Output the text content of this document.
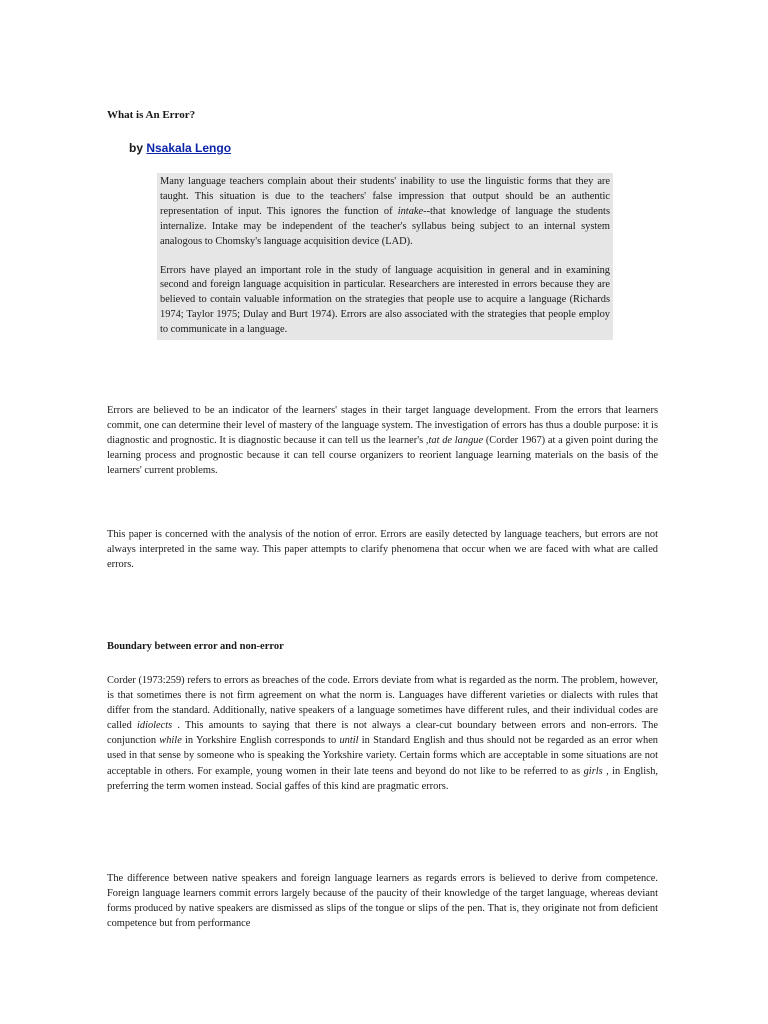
What is An Error?
by Nsakala Lengo

Many language teachers complain about their students' inability to use the linguistic forms that they are taught. This situation is due to the teachers' false impression that output should be an authentic representation of input. This ignores the function of intake--that knowledge of language the students internalize. Intake may be independent of the teacher's syllabus being subject to an internal system analogous to Chomsky's language acquisition device (LAD).

Errors have played an important role in the study of language acquisition in general and in examining second and foreign language acquisition in particular. Researchers are interested in errors because they are believed to contain valuable information on the strategies that people use to acquire a language (Richards 1974; Taylor 1975; Dulay and Burt 1974). Errors are also associated with the strategies that people employ to communicate in a language.

Errors are believed to be an indicator of the learners' stages in their target language development. From the errors that learners commit, one can determine their level of mastery of the language system. The investigation of errors has thus a double purpose: it is diagnostic and prognostic. It is diagnostic because it can tell us the learner's ,tat de langue (Corder 1967) at a given point during the learning process and prognostic because it can tell course organizers to reorient language learning materials on the basis of the learners' current problems.

This paper is concerned with the analysis of the notion of error. Errors are easily detected by language teachers, but errors are not always interpreted in the same way. This paper attempts to clarify phenomena that occur when we are faced with what are called errors.

Boundary between error and non-error

Corder (1973:259) refers to errors as breaches of the code. Errors deviate from what is regarded as the norm. The problem, however, is that sometimes there is not firm agreement on what the norm is. Languages have different varieties or dialects with rules that differ from the standard. Additionally, native speakers of a language sometimes have different rules, and their individual codes are called idiolects . This amounts to saying that there is not always a clear-cut boundary between errors and non-errors. The conjunction while in Yorkshire English corresponds to until in Standard English and thus should not be regarded as an error when used in that sense by someone who is speaking the Yorkshire variety. Certain forms which are acceptable in some situations are not acceptable in others. For example, young women in their late teens and beyond do not like to be referred to as girls , in English, preferring the term women instead. Social gaffes of this kind are pragmatic errors.

The difference between native speakers and foreign language learners as regards errors is believed to derive from competence. Foreign language learners commit errors largely because of the paucity of their knowledge of the target language, whereas deviant forms produced by native speakers are dismissed as slips of the tongue or slips of the pen. That is, they originate not from deficient competence but from performance
